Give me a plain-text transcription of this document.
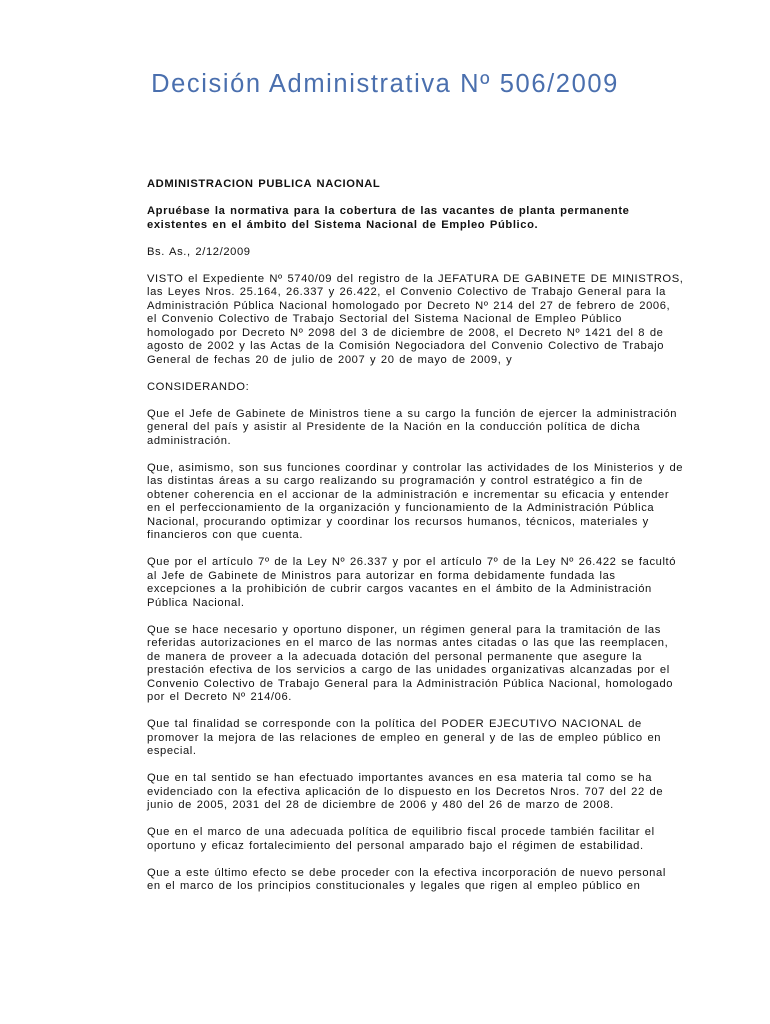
Decisión Administrativa Nº 506/2009

ADMINISTRACION PUBLICA NACIONAL

Apruébase la normativa para la cobertura de las vacantes de planta permanente
existentes en el ámbito del Sistema Nacional de Empleo Público.

Bs. As., 2/12/2009

VISTO el Expediente Nº 5740/09 del registro de la JEFATURA DE GABINETE DE MINISTROS,
las Leyes Nros. 25.164, 26.337 y 26.422, el Convenio Colectivo de Trabajo General para la
Administración Pública Nacional homologado por Decreto Nº 214 del 27 de febrero de 2006,
el Convenio Colectivo de Trabajo Sectorial del Sistema Nacional de Empleo Público
homologado por Decreto Nº 2098 del 3 de diciembre de 2008, el Decreto Nº 1421 del 8 de
agosto de 2002 y las Actas de la Comisión Negociadora del Convenio Colectivo de Trabajo
General de fechas 20 de julio de 2007 y 20 de mayo de 2009, y

CONSIDERANDO:

Que el Jefe de Gabinete de Ministros tiene a su cargo la función de ejercer la administración
general del país y asistir al Presidente de la Nación en la conducción política de dicha
administración.

Que, asimismo, son sus funciones coordinar y controlar las actividades de los Ministerios y de
las distintas áreas a su cargo realizando su programación y control estratégico a fin de
obtener coherencia en el accionar de la administración e incrementar su eficacia y entender
en el perfeccionamiento de la organización y funcionamiento de la Administración Pública
Nacional, procurando optimizar y coordinar los recursos humanos, técnicos, materiales y
financieros con que cuenta.

Que por el artículo 7º de la Ley Nº 26.337 y por el artículo 7º de la Ley Nº 26.422 se facultó
al Jefe de Gabinete de Ministros para autorizar en forma debidamente fundada las
excepciones a la prohibición de cubrir cargos vacantes en el ámbito de la Administración
Pública Nacional.

Que se hace necesario y oportuno disponer, un régimen general para la tramitación de las
referidas autorizaciones en el marco de las normas antes citadas o las que las reemplacen,
de manera de proveer a la adecuada dotación del personal permanente que asegure la
prestación efectiva de los servicios a cargo de las unidades organizativas alcanzadas por el
Convenio Colectivo de Trabajo General para la Administración Pública Nacional, homologado
por el Decreto Nº 214/06.

Que tal finalidad se corresponde con la política del PODER EJECUTIVO NACIONAL de
promover la mejora de las relaciones de empleo en general y de las de empleo público en
especial.

Que en tal sentido se han efectuado importantes avances en esa materia tal como se ha
evidenciado con la efectiva aplicación de lo dispuesto en los Decretos Nros. 707 del 22 de
junio de 2005, 2031 del 28 de diciembre de 2006 y 480 del 26 de marzo de 2008.

Que en el marco de una adecuada política de equilibrio fiscal procede también facilitar el
oportuno y eficaz fortalecimiento del personal amparado bajo el régimen de estabilidad.

Que a este último efecto se debe proceder con la efectiva incorporación de nuevo personal
en el marco de los principios constitucionales y legales que rigen al empleo público en
